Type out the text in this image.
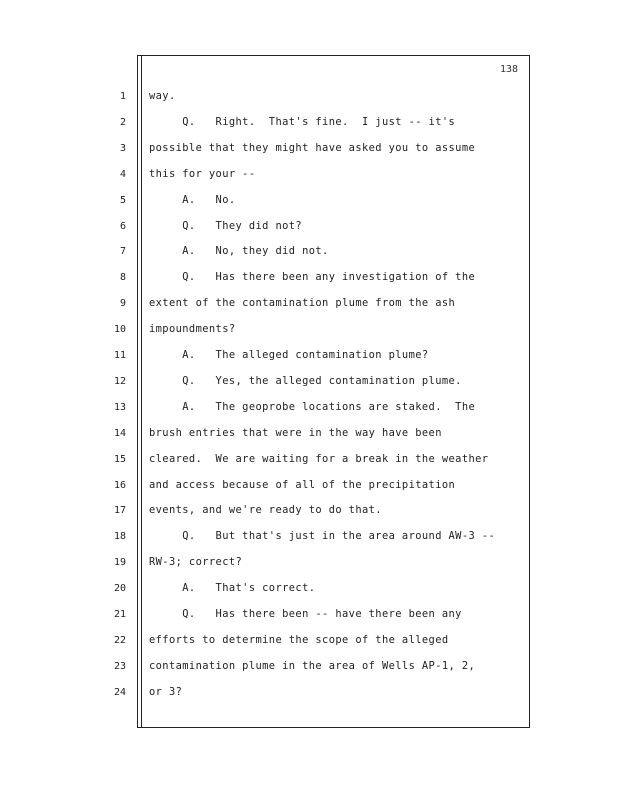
138
1 way.
2 Q.   Right.  That's fine.  I just -- it's
3 possible that they might have asked you to assume
4 this for your --
5 A.   No.
6 Q.   They did not?
7 A.   No, they did not.
8 Q.   Has there been any investigation of the
9 extent of the contamination plume from the ash
10 impoundments?
11 A.   The alleged contamination plume?
12 Q.   Yes, the alleged contamination plume.
13 A.   The geoprobe locations are staked.  The
14 brush entries that were in the way have been
15 cleared.  We are waiting for a break in the weather
16 and access because of all of the precipitation
17 events, and we're ready to do that.
18 Q.   But that's just in the area around AW-3 --
19 RW-3; correct?
20 A.   That's correct.
21 Q.   Has there been -- have there been any
22 efforts to determine the scope of the alleged
23 contamination plume in the area of Wells AP-1, 2,
24 or 3?
